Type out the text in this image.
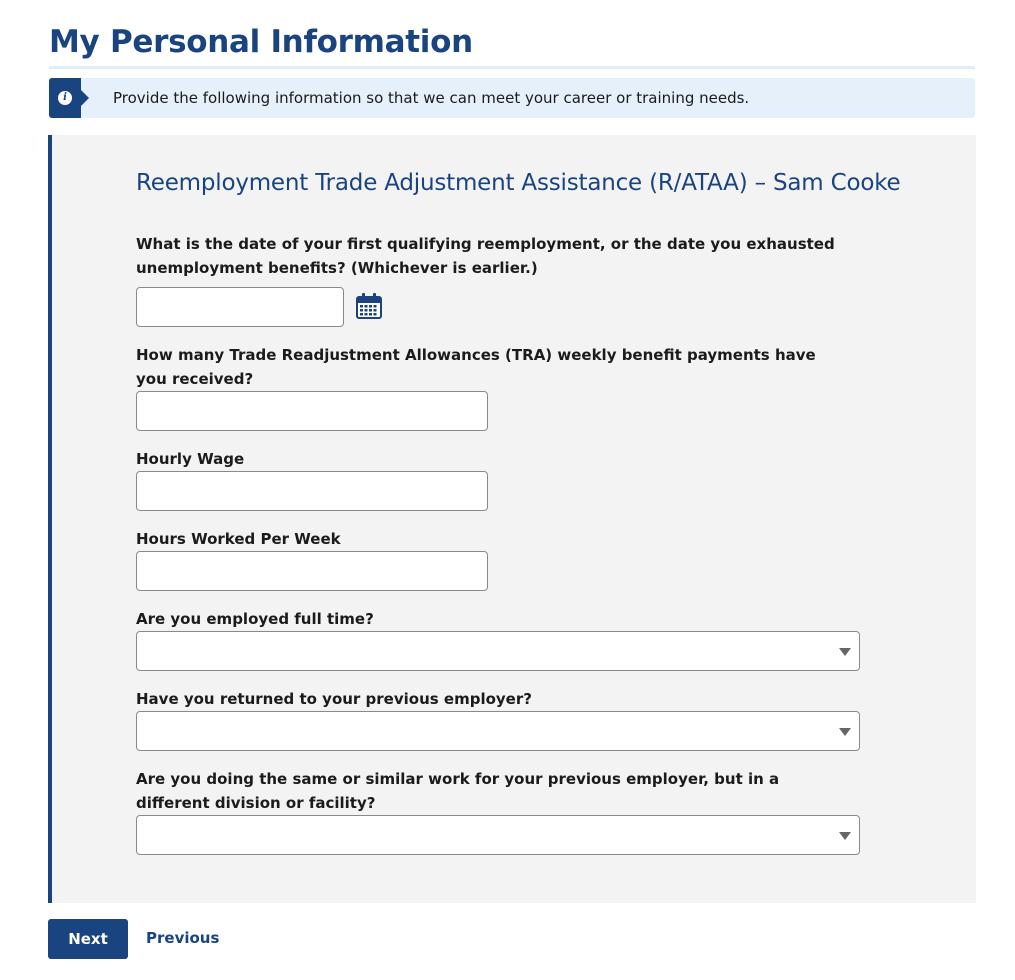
My Personal Information
i	Provide the following information so that we can meet your career or training needs.
Reemployment Trade Adjustment Assistance (R/ATAA) – Sam Cooke
What is the date of your first qualifying reemployment, or the date you exhausted unemployment benefits? (Whichever is earlier.)
How many Trade Readjustment Allowances (TRA) weekly benefit payments have you received?
Hourly Wage
Hours Worked Per Week
Are you employed full time?
Have you returned to your previous employer?
Are you doing the same or similar work for your previous employer, but in a different division or facility?
Next	Previous
